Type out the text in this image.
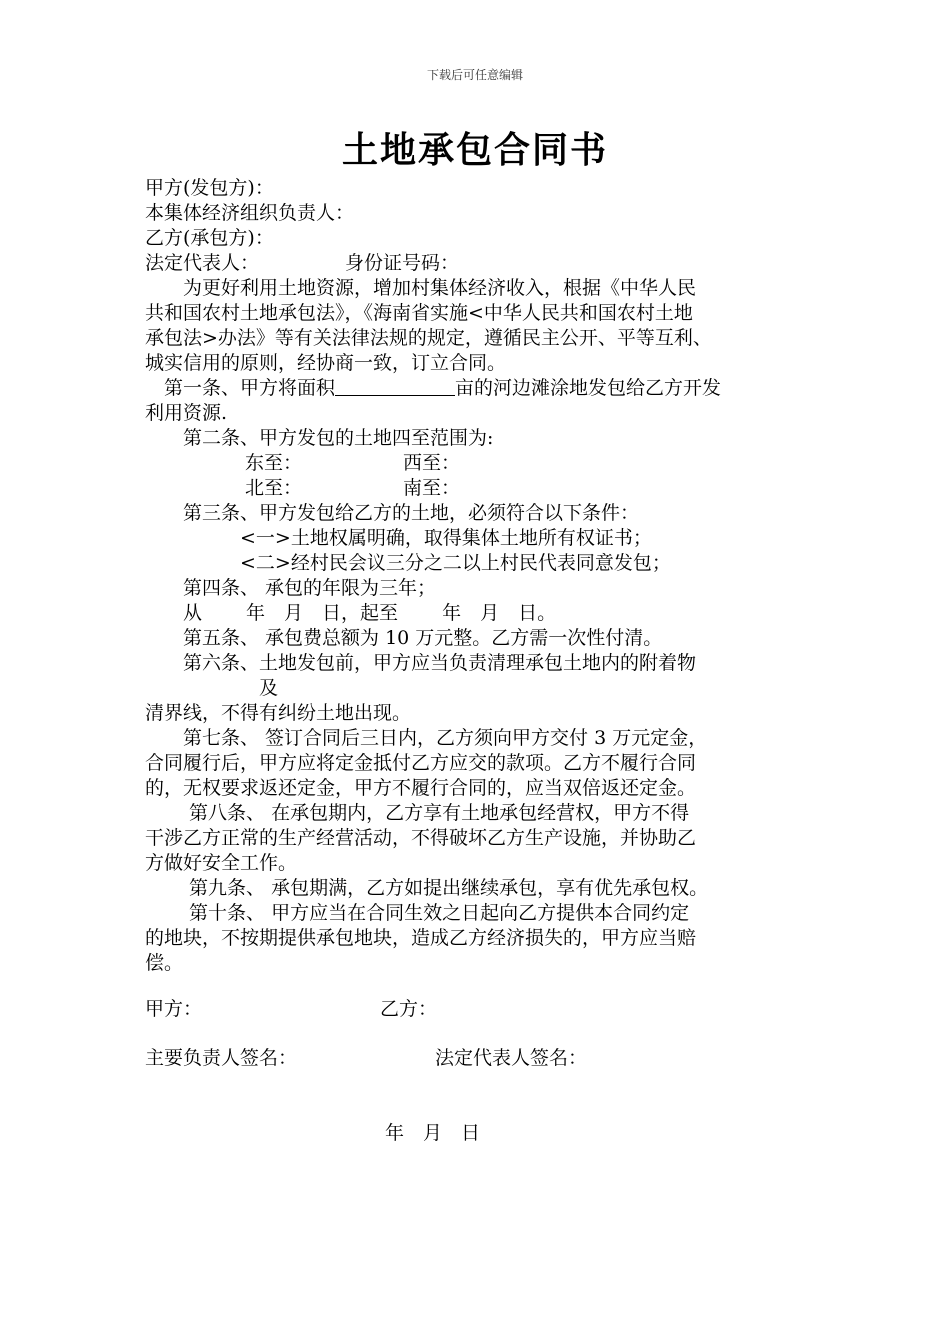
下载后可任意编辑
土地承包合同书
甲方(发包方)：
本集体经济组织负责人：
乙方(承包方)：
法定代表人：	身份证号码：
　　为更好利用土地资源，增加村集体经济收入，根据《中华人民
共和国农村土地承包法》，《海南省实施<中华人民共和国农村土地
承包法>办法》等有关法律法规的规定，遵循民主公开、平等互利、
城实信用的原则，经协商一致，订立合同。
　第一条、甲方将面积	亩的河边滩涂地发包给乙方开发
利用资源.
　　第二条、甲方发包的土地四至范围为:
东至：	西至：
北至：	南至：
　　第三条、甲方发包给乙方的土地，必须符合以下条件：
　　　　　<一>土地权属明确，取得集体土地所有权证书；
　　　　　<二>经村民会议三分之二以上村民代表同意发包；
　　第四条、 承包的年限为三年；
　　从　　 年　月　日，起至　　 年　月　日。
　　第五条、 承包费总额为 10 万元整。乙方需一次性付清。
　　第六条、土地发包前，甲方应当负责清理承包土地内的附着物
　　　　　　及
清界线，不得有纠纷土地出现。
　　第七条、 签订合同后三日内，乙方须向甲方交付 3 万元定金，
合同履行后，甲方应将定金抵付乙方应交的款项。乙方不履行合同
的，无权要求返还定金，甲方不履行合同的，应当双倍返还定金。
　　 第八条、 在承包期内，乙方享有土地承包经营权，甲方不得
干涉乙方正常的生产经营活动，不得破坏乙方生产设施，并协助乙
方做好安全工作。
　　 第九条、 承包期满，乙方如提出继续承包，享有优先承包权。
　　 第十条、 甲方应当在合同生效之日起向乙方提供本合同约定
的地块，不按期提供承包地块，造成乙方经济损失的，甲方应当赔
偿。
甲方：	乙方：
主要负责人签名：	法定代表人签名：
年　月　日
